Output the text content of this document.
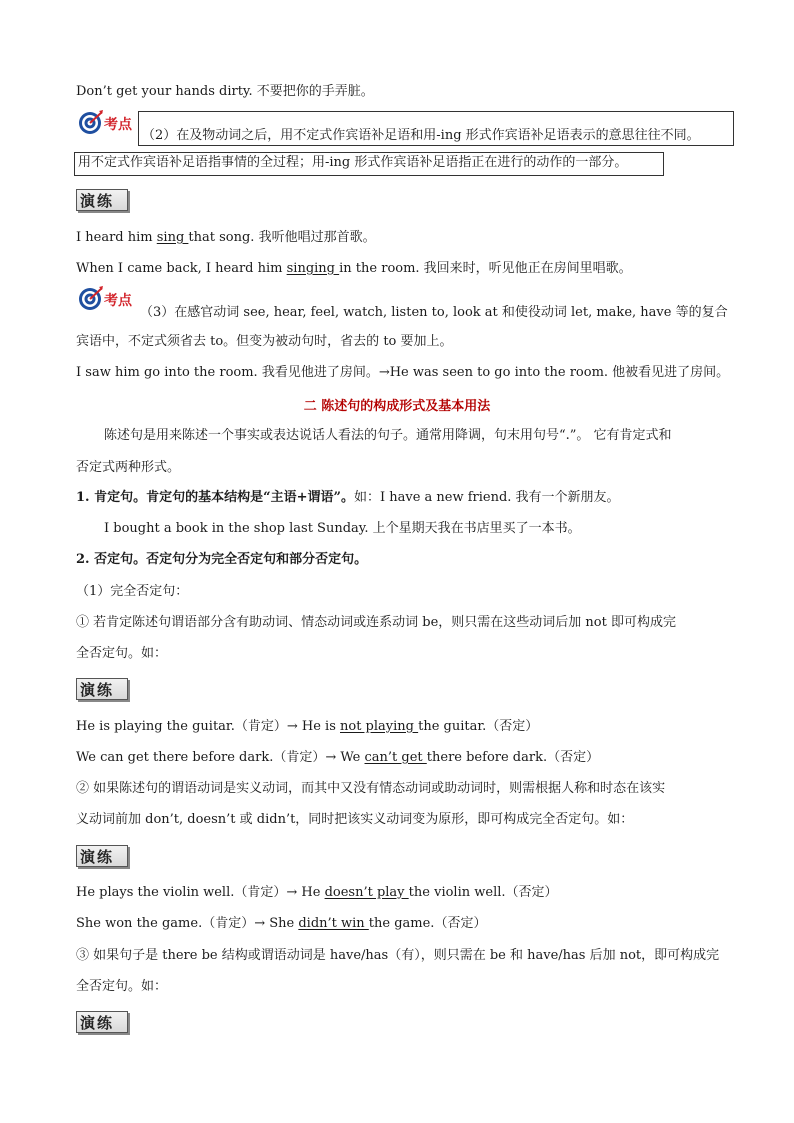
Don’t get your hands dirty. 不要把你的手弄脏。
考点
（2）在及物动词之后，用不定式作宾语补足语和用-ing 形式作宾语补足语表示的意思往往不同。
用不定式作宾语补足语指事情的全过程；用-ing 形式作宾语补足语指正在进行的动作的一部分。
演练
I heard him sing that song. 我听他唱过那首歌。
When I came back, I heard him singing in the room. 我回来时，听见他正在房间里唱歌。
考点
（3）在感官动词 see, hear, feel, watch, listen to, look at 和使役动词 let, make, have 等的复合
宾语中，不定式须省去 to。但变为被动句时，省去的 to 要加上。
I saw him go into the room. 我看见他进了房间。→He was seen to go into the room. 他被看见进了房间。
二 陈述句的构成形式及基本用法
陈述句是用来陈述一个事实或表达说话人看法的句子。通常用降调，句末用句号“.”。 它有肯定式和
否定式两种形式。
1. 肯定句。肯定句的基本结构是“主语+谓语”。如：I have a new friend. 我有一个新朋友。
I bought a book in the shop last Sunday. 上个星期天我在书店里买了一本书。
2. 否定句。否定句分为完全否定句和部分否定句。
（1）完全否定句：
① 若肯定陈述句谓语部分含有助动词、情态动词或连系动词 be，则只需在这些动词后加 not 即可构成完
全否定句。如：
演练
He is playing the guitar.（肯定）→ He is not playing the guitar.（否定）
We can get there before dark.（肯定）→ We can’t get there before dark.（否定）
② 如果陈述句的谓语动词是实义动词，而其中又没有情态动词或助动词时，则需根据人称和时态在该实
义动词前加 don’t, doesn’t 或 didn’t，同时把该实义动词变为原形，即可构成完全否定句。如：
演练
He plays the violin well.（肯定）→ He doesn’t play the violin well.（否定）
She won the game.（肯定）→ She didn’t win the game.（否定）
③ 如果句子是 there be 结构或谓语动词是 have/has（有），则只需在 be 和 have/has 后加 not，即可构成完
全否定句。如：
演练
